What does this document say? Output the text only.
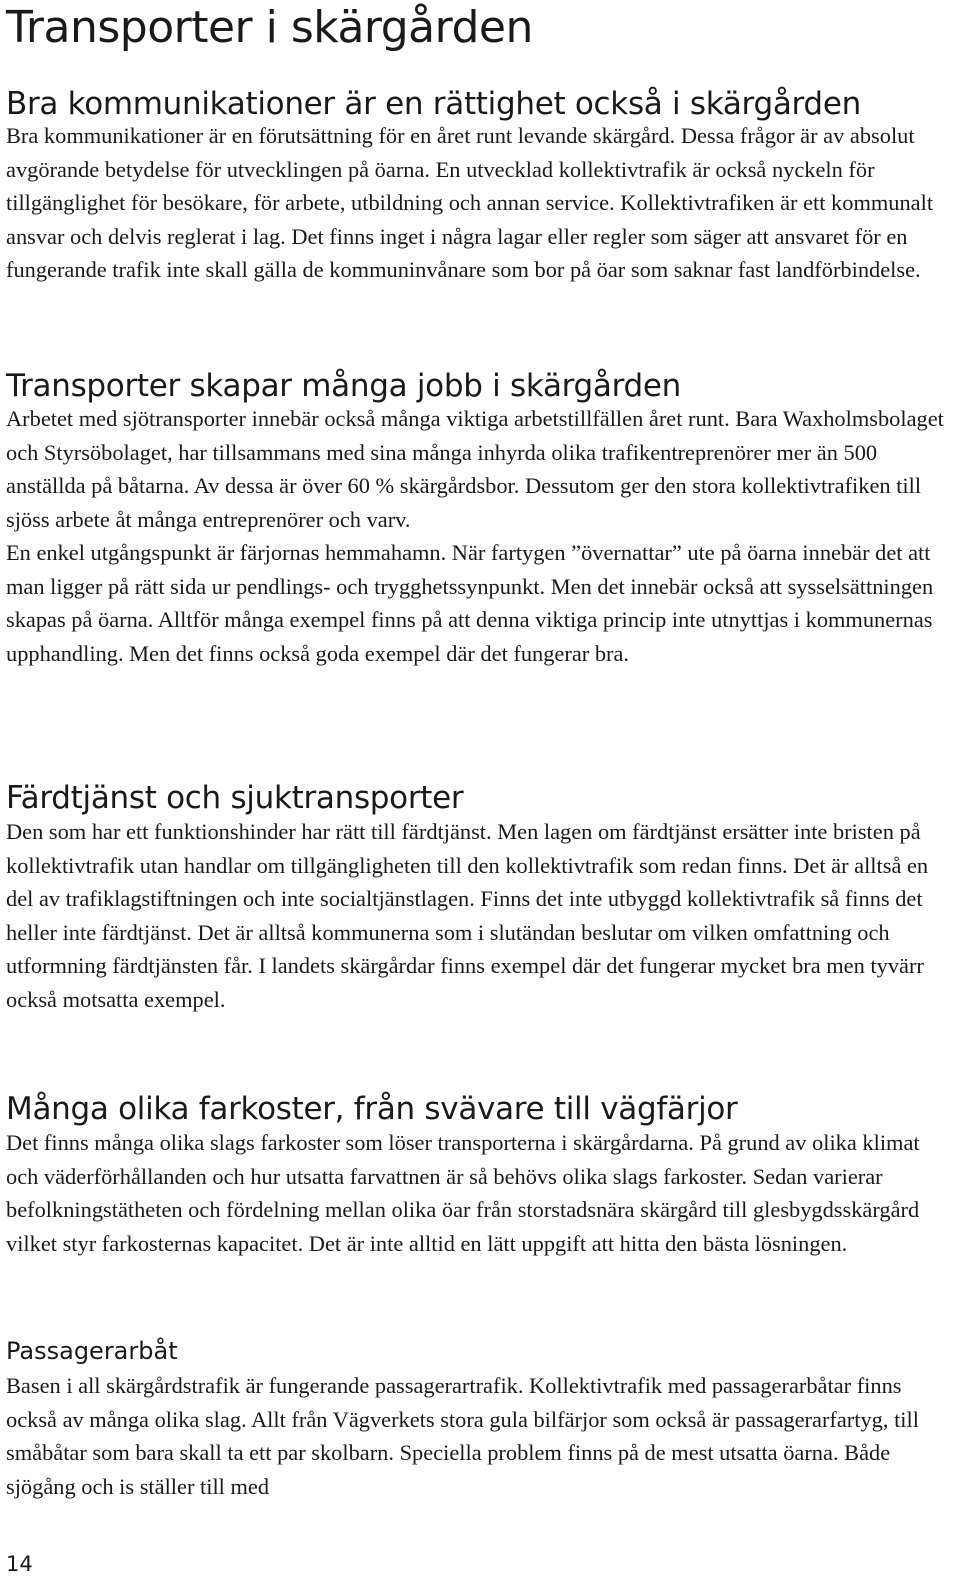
Transporter i skärgården
Bra kommunikationer är en rättighet också i skärgården

Bra kommunikationer är en förutsättning för en året runt levande skärgård. Dessa frågor är av absolut avgörande betydelse för utvecklingen på öarna. En utvecklad kollektivtrafik är också nyckeln för tillgänglighet för besökare, för arbete, utbildning och annan service. Kollektivtrafiken är ett kommunalt ansvar och delvis reglerat i lag. Det finns inget i några lagar eller regler som säger att ansvaret för en fungerande trafik inte skall gälla de kommuninvånare som bor på öar som saknar fast landförbindelse.

Transporter skapar många jobb i skärgården

Arbetet med sjötransporter innebär också många viktiga arbetstillfällen året runt. Bara Waxholmsbolaget och Styrsöbolaget, har tillsammans med sina många inhyrda olika trafikentreprenörer mer än 500 anställda på båtarna. Av dessa är över 60 % skärgårdsbor. Dessutom ger den stora kollektivtrafiken till sjöss arbete åt många entreprenörer och varv.

En enkel utgångspunkt är färjornas hemmahamn. När fartygen ”övernattar” ute på öarna innebär det att man ligger på rätt sida ur pendlings- och trygghetssynpunkt. Men det innebär också att sysselsättningen skapas på öarna. Alltför många exempel finns på att denna viktiga princip inte utnyttjas i kommunernas upphandling. Men det finns också goda exempel där det fungerar bra.

Färdtjänst och sjuktransporter

Den som har ett funktionshinder har rätt till färdtjänst. Men lagen om färdtjänst ersätter inte bristen på kollektivtrafik utan handlar om tillgängligheten till den kollektivtrafik som redan finns. Det är alltså en del av trafiklagstiftningen och inte socialtjänstlagen. Finns det inte utbyggd kollektivtrafik så finns det heller inte färdtjänst. Det är alltså kommunerna som i slutändan beslutar om vilken omfattning och utformning färdtjänsten får. I landets skärgårdar finns exempel där det fungerar mycket bra men tyvärr också motsatta exempel.

Många olika farkoster, från svävare till vägfärjor

Det finns många olika slags farkoster som löser transporterna i skärgårdarna. På grund av olika klimat och väderförhållanden och hur utsatta farvattnen är så behövs olika slags farkoster. Sedan varierar befolkningstätheten och fördelning mellan olika öar från storstadsnära skärgård till glesbygdsskärgård vilket styr farkosternas kapacitet. Det är inte alltid en lätt uppgift att hitta den bästa lösningen.

Passagerarbåt

Basen i all skärgårdstrafik är fungerande passagerartrafik. Kollektivtrafik med passagerarbåtar finns också av många olika slag. Allt från Vägverkets stora gula bilfärjor som också är passagerarfartyg, till småbåtar som bara skall ta ett par skolbarn. Speciella problem finns på de mest utsatta öarna. Både sjögång och is ställer till med

14
